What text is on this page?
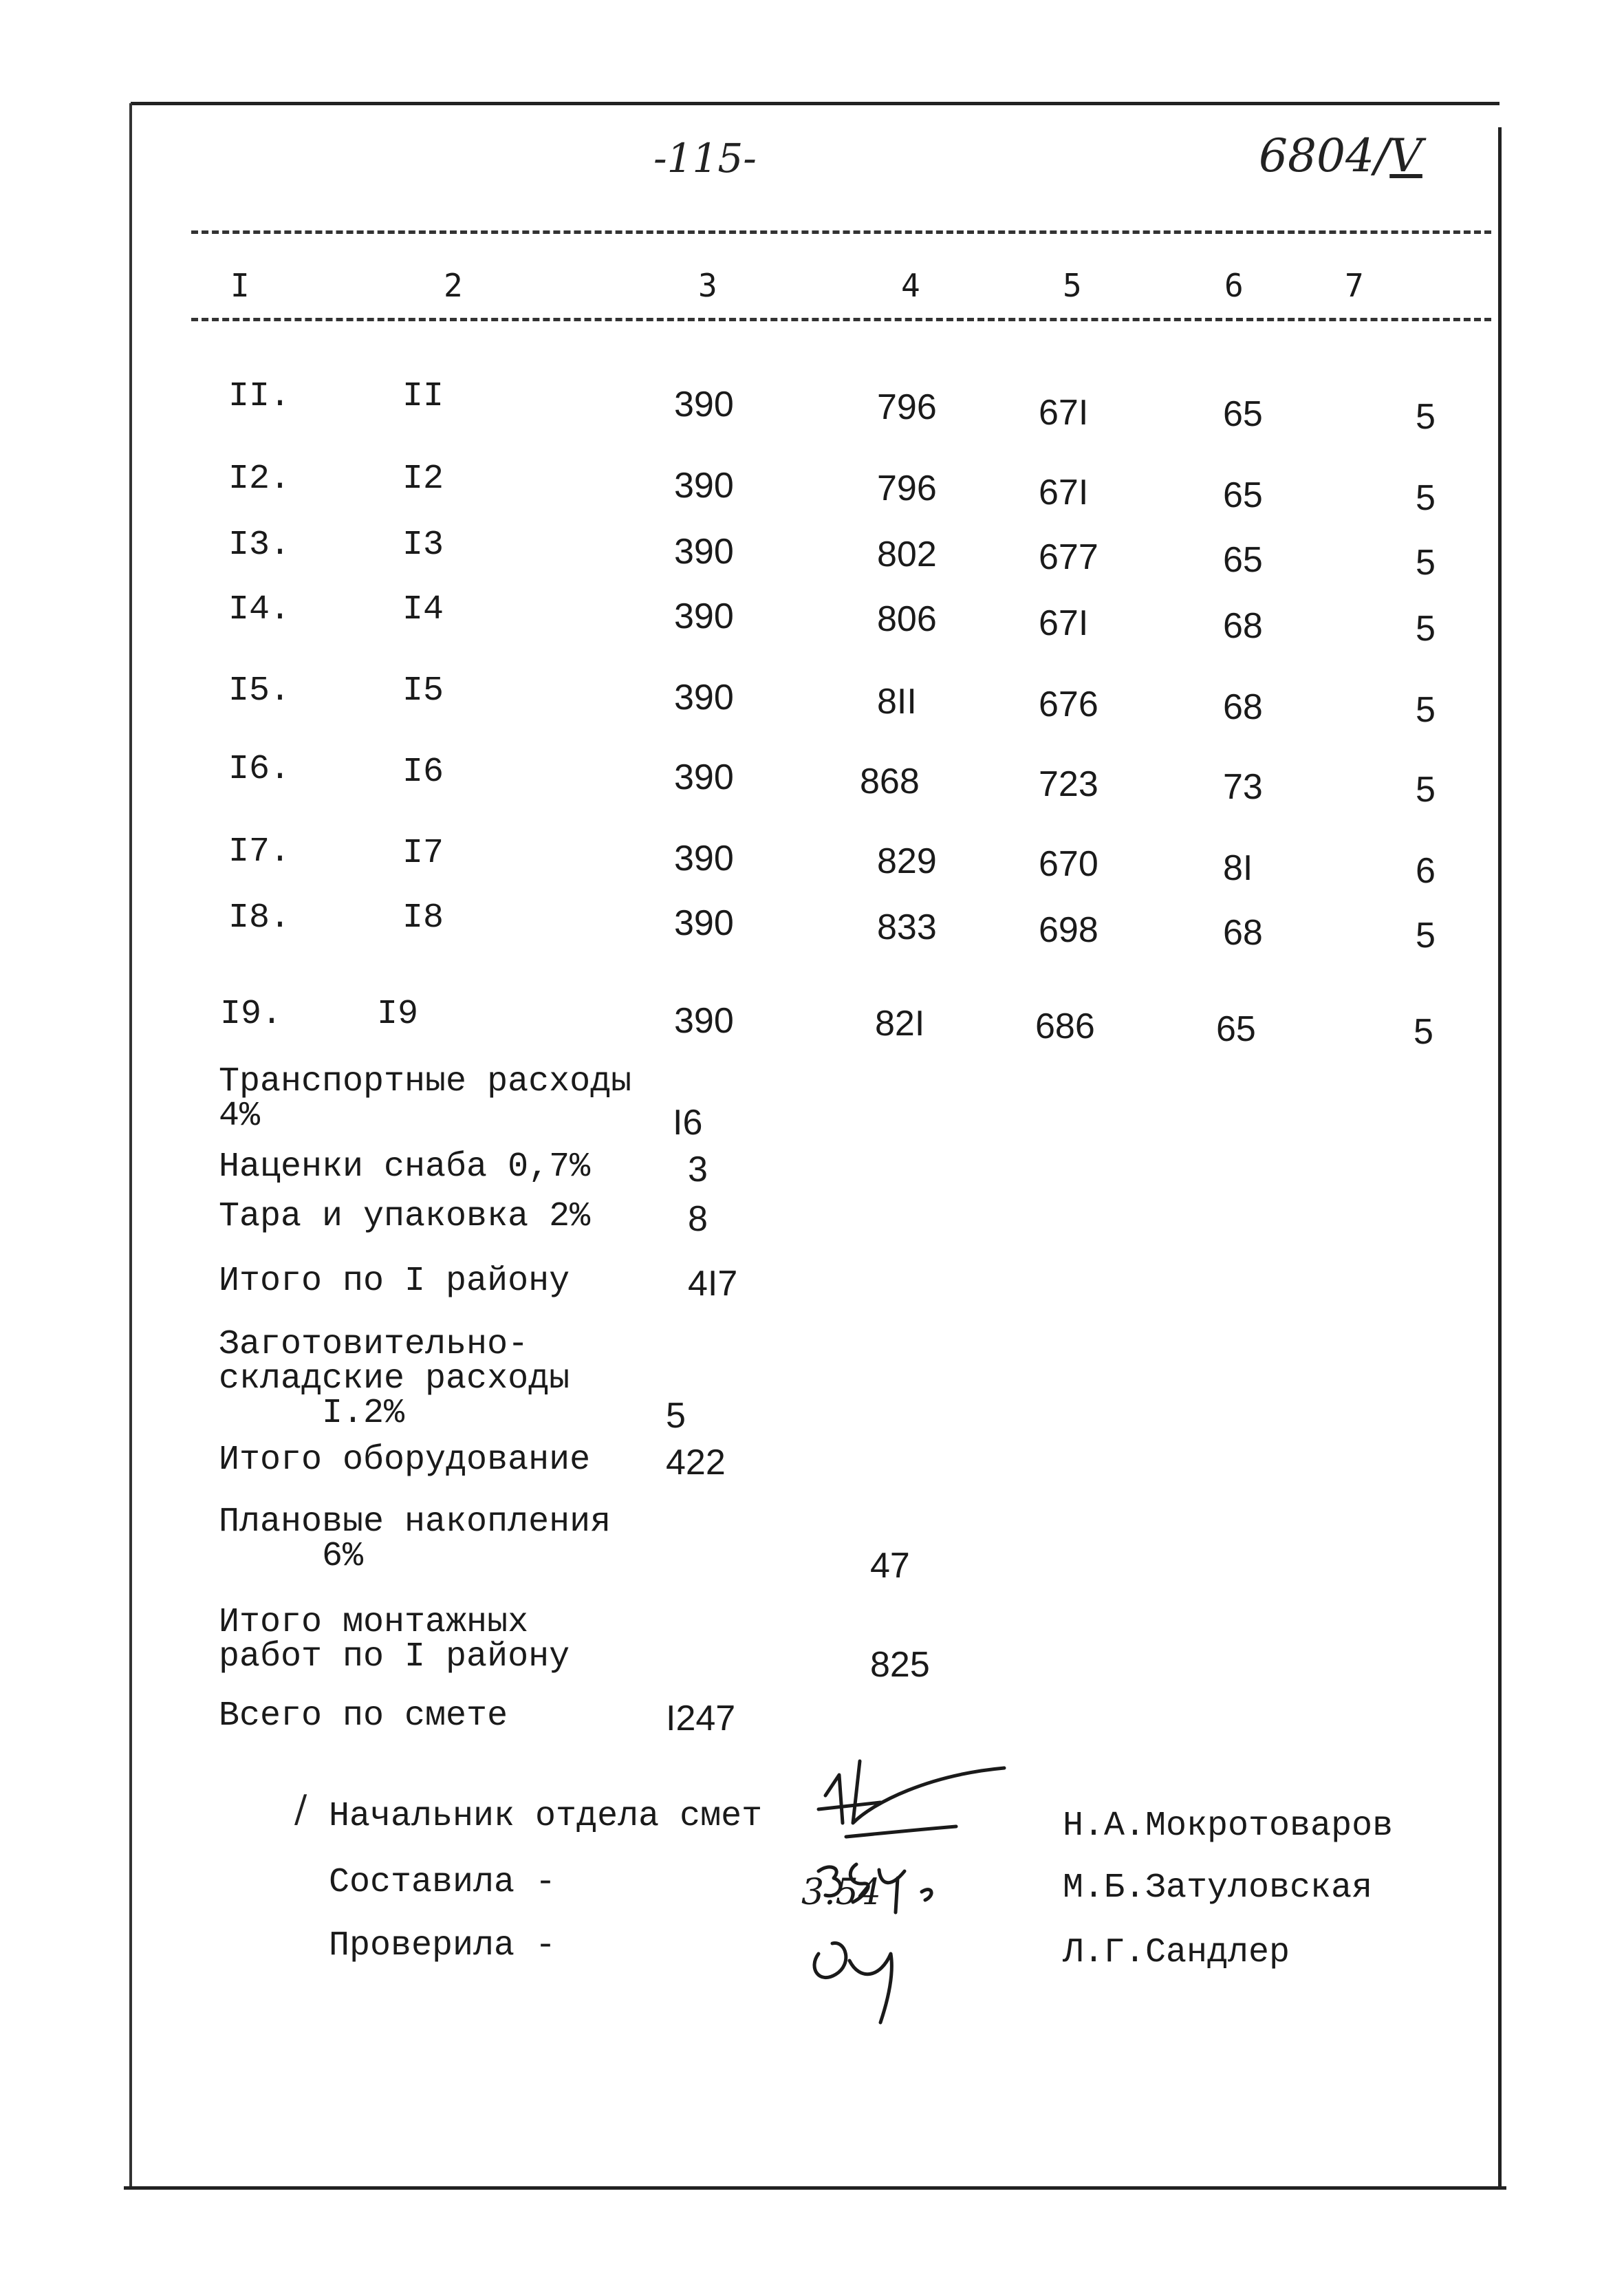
-115-	6804/V
I	2	3	4	5	6	7
II.	II	390	796	67I	65	5
I2.	I2	390	796	67I	65	5
I3.	I3	390	802	677	65	5
I4.	I4	390	806	67I	68	5
I5.	I5	390	8II	676	68	5
I6.	I6	390	868	723	73	5
I7.	I7	390	829	670	8I	6
I8.	I8	390	833	698	68	5
I9.	I9	390	82I	686	65	5
Транспортные расходы
4%	I6
Наценки снаба 0,7%	3
Тара и упаковка 2%	8
Итого по I району	4I7
Заготовительно-
складские расходы
I.2%	5
Итого оборудование 422
Плановые накопления
6%	47
Итого монтажных
работ по I району	825
Всего по смете	I247
/ Начальник отдела смет	Н.А.Мокротоваров
Составила -	М.Б.Затуловская
Проверила -	Л.Г.Сандлер
3.54
